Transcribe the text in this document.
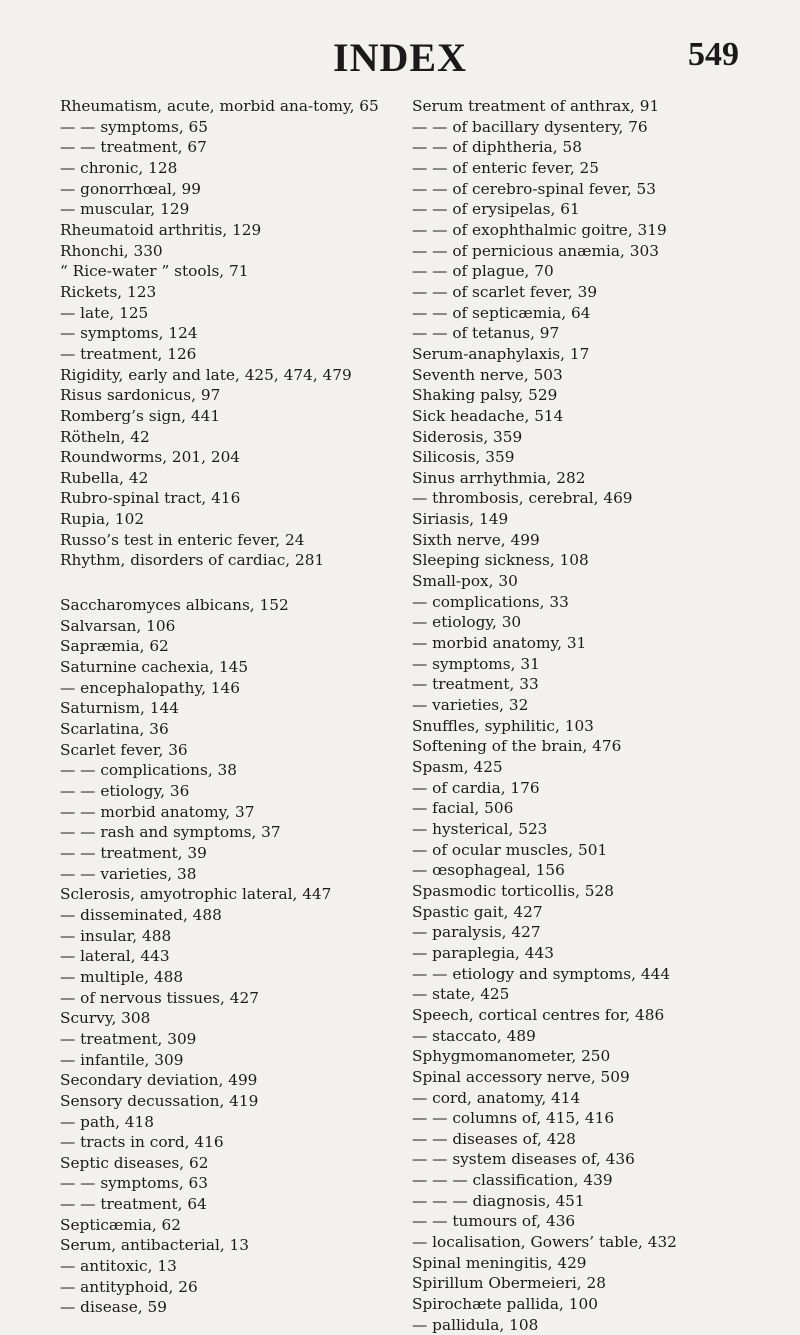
INDEX	549

Rheumatism, acute, morbid ana-tomy, 65

— — symptoms, 65

— — treatment, 67

— chronic, 128

— gonorrhœal, 99

— muscular, 129

Rheumatoid arthritis, 129

Rhonchi, 330

“ Rice-water ” stools, 71

Rickets, 123

— late, 125

— symptoms, 124

— treatment, 126

Rigidity, early and late, 425, 474, 479

Risus sardonicus, 97

Romberg’s sign, 441

Rötheln, 42

Roundworms, 201, 204

Rubella, 42

Rubro-spinal tract, 416

Rupia, 102

Russo’s test in enteric fever, 24

Rhythm, disorders of cardiac, 281

Saccharomyces albicans, 152

Salvarsan, 106

Sapræmia, 62

Saturnine cachexia, 145

— encephalopathy, 146

Saturnism, 144

Scarlatina, 36

Scarlet fever, 36

— — complications, 38

— — etiology, 36

— — morbid anatomy, 37

— — rash and symptoms, 37

— — treatment, 39

— — varieties, 38

Sclerosis, amyotrophic lateral, 447

— disseminated, 488

— insular, 488

— lateral, 443

— multiple, 488

— of nervous tissues, 427

Scurvy, 308

— treatment, 309

— infantile, 309

Secondary deviation, 499

Sensory decussation, 419

— path, 418

— tracts in cord, 416

Septic diseases, 62

— — symptoms, 63

— — treatment, 64

Septicæmia, 62

Serum, antibacterial, 13

— antitoxic, 13

— antityphoid, 26

— disease, 59

Serum treatment of anthrax, 91

— — of bacillary dysentery, 76

— — of diphtheria, 58

— — of enteric fever, 25

— — of cerebro-spinal fever, 53

— — of erysipelas, 61

— — of exophthalmic goitre, 319

— — of pernicious anæmia, 303

— — of plague, 70

— — of scarlet fever, 39

— — of septicæmia, 64

— — of tetanus, 97

Serum-anaphylaxis, 17

Seventh nerve, 503

Shaking palsy, 529

Sick headache, 514

Siderosis, 359

Silicosis, 359

Sinus arrhythmia, 282

— thrombosis, cerebral, 469

Siriasis, 149

Sixth nerve, 499

Sleeping sickness, 108

Small-pox, 30

— complications, 33

— etiology, 30

— morbid anatomy, 31

— symptoms, 31

— treatment, 33

— varieties, 32

Snuffles, syphilitic, 103

Softening of the brain, 476

Spasm, 425

— of cardia, 176

— facial, 506

— hysterical, 523

— of ocular muscles, 501

— œsophageal, 156

Spasmodic torticollis, 528

Spastic gait, 427

— paralysis, 427

— paraplegia, 443

— — etiology and symptoms, 444

— state, 425

Speech, cortical centres for, 486

— staccato, 489

Sphygmomanometer, 250

Spinal accessory nerve, 509

— cord, anatomy, 414

— — columns of, 415, 416

— — diseases of, 428

— — system diseases of, 436

— — — classification, 439

— — — diagnosis, 451

— — tumours of, 436

— localisation, Gowers’ table, 432

Spinal meningitis, 429

Spirillum Obermeieri, 28

Spirochæte pallida, 100

— pallidula, 108
